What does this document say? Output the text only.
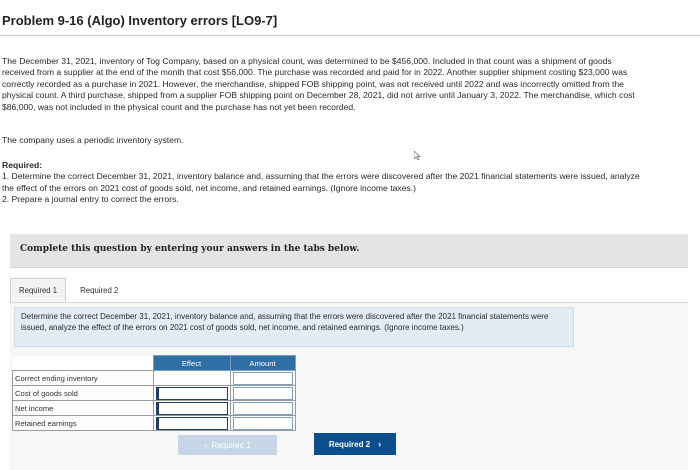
Problem 9-16 (Algo) Inventory errors [LO9-7]

The December 31, 2021, inventory of Tog Company, based on a physical count, was determined to be $456,000. Included in that count was a shipment of goods received from a supplier at the end of the month that cost $56,000. The purchase was recorded and paid for in 2022. Another supplier shipment costing $23,000 was correctly recorded as a purchase in 2021. However, the merchandise, shipped FOB shipping point, was not received until 2022 and was incorrectly omitted from the physical count. A third purchase, shipped from a supplier FOB shipping point on December 28, 2021, did not arrive until January 3, 2022. The merchandise, which cost $86,000, was not included in the physical count and the purchase has not yet been recorded.

The company uses a periodic inventory system.

Required:
1. Determine the correct December 31, 2021, inventory balance and, assuming that the errors were discovered after the 2021 financial statements were issued, analyze the effect of the errors on 2021 cost of goods sold, net income, and retained earnings. (Ignore income taxes.)
2. Prepare a journal entry to correct the errors.
Complete this question by entering your answers in the tabs below.
Required 1	Required 2
Determine the correct December 31, 2021, inventory balance and, assuming that the errors were discovered after the 2021 financial statements were issued, analyze the effect of the errors on 2021 cost of goods sold, net income, and retained earnings. (Ignore income taxes.)
	Effect	Amount
Correct ending inventory		

Cost of goods sold	

Net income	

Retained earnings	

‹ Required 1	Required 2 ›
